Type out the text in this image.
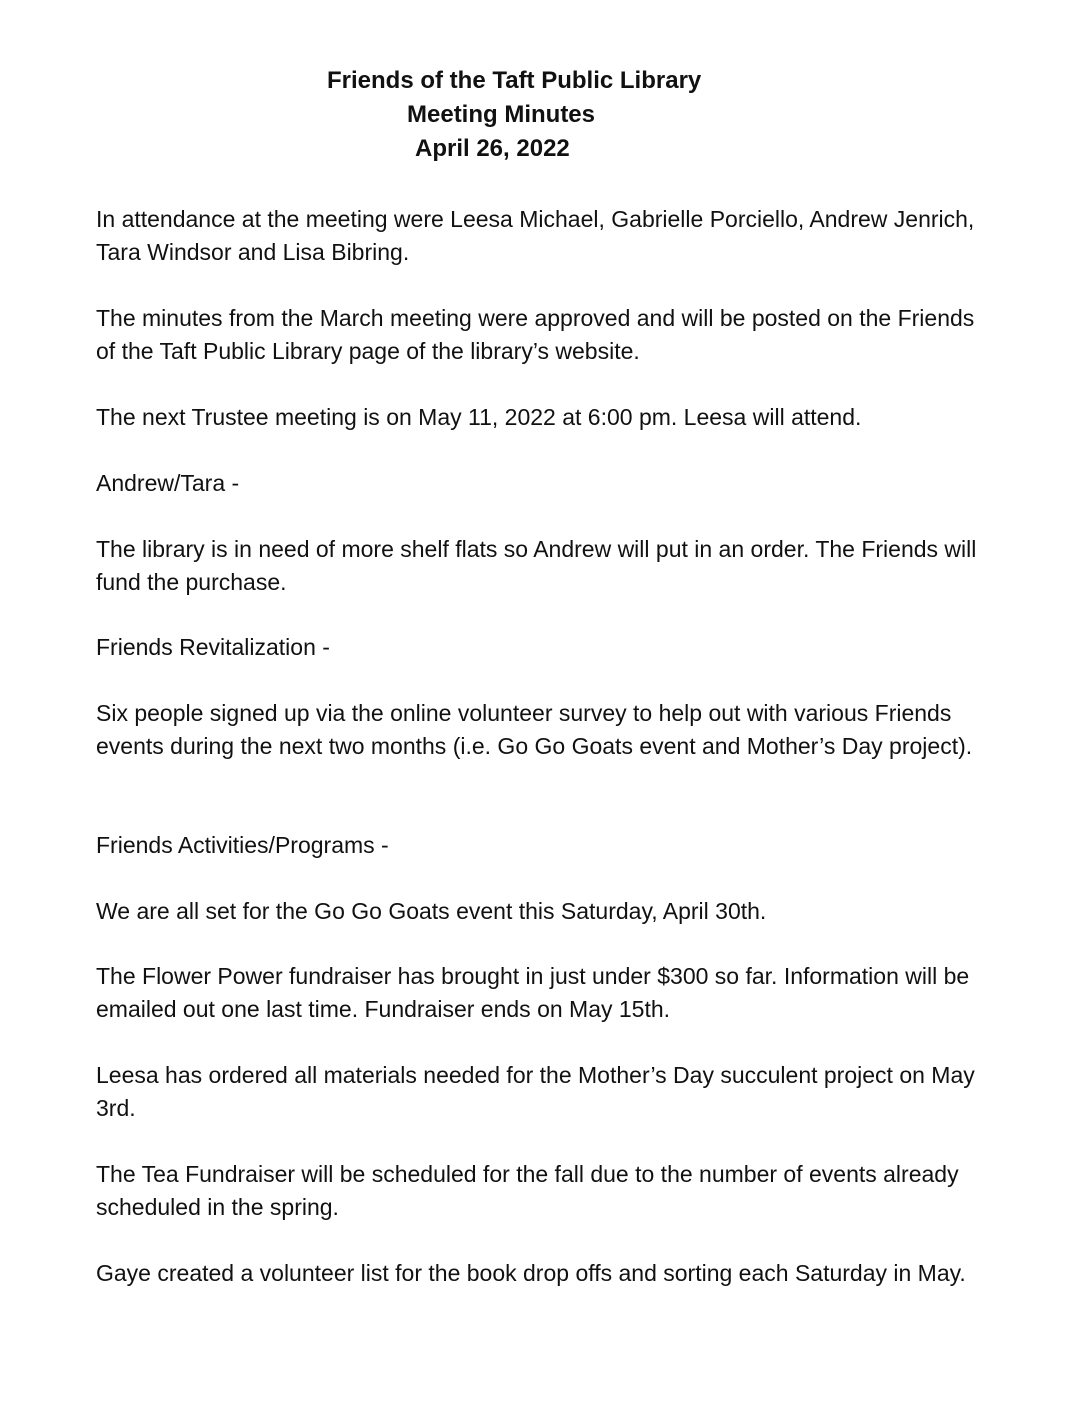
Friends of the Taft Public Library
Meeting Minutes
April 26, 2022

In attendance at the meeting were Leesa Michael, Gabrielle Porciello, Andrew Jenrich, Tara Windsor and Lisa Bibring.

The minutes from the March meeting were approved and will be posted on the Friends of the Taft Public Library page of the library’s website.

The next Trustee meeting is on May 11, 2022 at 6:00 pm. Leesa will attend.

Andrew/Tara -

The library is in need of more shelf flats so Andrew will put in an order. The Friends will fund the purchase.

Friends Revitalization -

Six people signed up via the online volunteer survey to help out with various Friends events during the next two months (i.e. Go Go Goats event and Mother’s Day project).

Friends Activities/Programs -

We are all set for the Go Go Goats event this Saturday, April 30th.

The Flower Power fundraiser has brought in just under $300 so far. Information will be emailed out one last time. Fundraiser ends on May 15th.

Leesa has ordered all materials needed for the Mother’s Day succulent project on May 3rd.

The Tea Fundraiser will be scheduled for the fall due to the number of events already scheduled in the spring.

Gaye created a volunteer list for the book drop offs and sorting each Saturday in May.
